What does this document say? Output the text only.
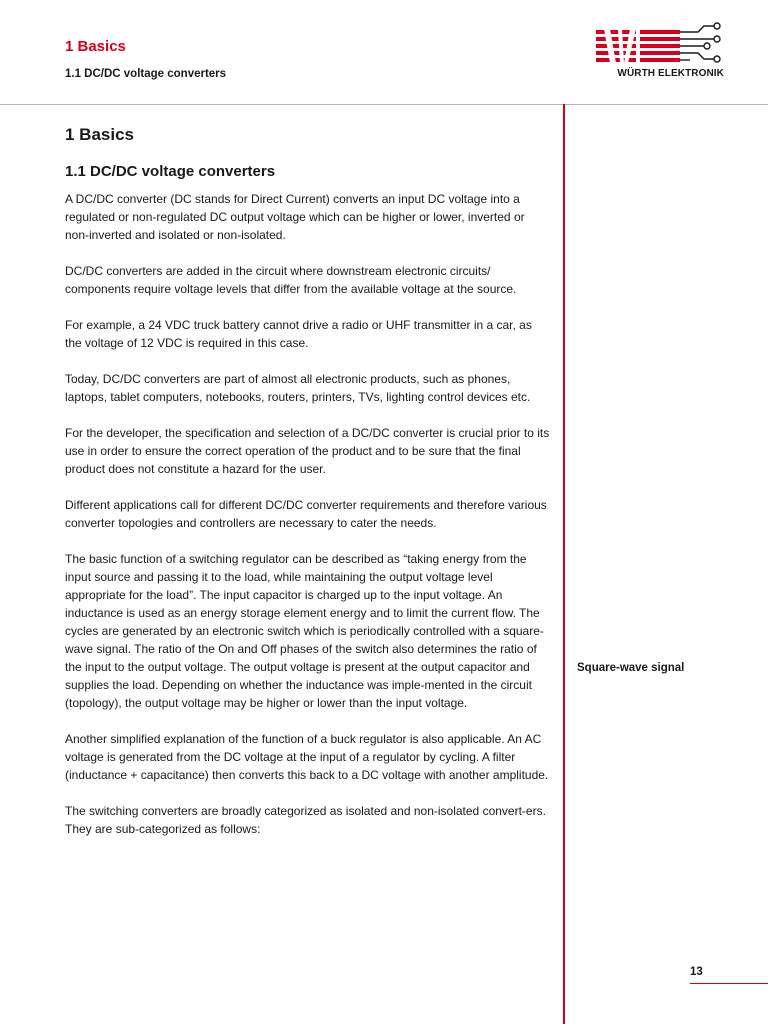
1 Basics
1.1 DC/DC voltage converters	WÜRTH ELEKTRONIK
1 Basics
1.1 DC/DC voltage converters

A DC/DC converter (DC stands for Direct Current) converts an input DC voltage into a regulated or non-regulated DC output voltage which can be higher or lower, inverted or non-inverted and isolated or non-isolated.

DC/DC converters are added in the circuit where downstream electronic circuits/ components require voltage levels that differ from the available voltage at the source.

For example, a 24 VDC truck battery cannot drive a radio or UHF transmitter in a car, as the voltage of 12 VDC is required in this case.

Today, DC/DC converters are part of almost all electronic products, such as phones, laptops, tablet computers, notebooks, routers, printers, TVs, lighting control devices etc.

For the developer, the specification and selection of a DC/DC converter is crucial prior to its use in order to ensure the correct operation of the product and to be sure that the final product does not constitute a hazard for the user.

Different applications call for different DC/DC converter requirements and therefore various converter topologies and controllers are necessary to cater the needs.

The basic function of a switching regulator can be described as “taking energy from the input source and passing it to the load, while maintaining the output voltage level appropriate for the load”. The input capacitor is charged up to the input voltage. An inductance is used as an energy storage element energy and to limit the current flow. The cycles are generated by an electronic switch which is periodically controlled with a square-wave signal. The ratio of the On and Off phases of the switch also determines the ratio of the input to the output voltage. The output voltage is present at the output capacitor and supplies the load. Depending on whether the inductance was imple-mented in the circuit (topology), the output voltage may be higher or lower than the input voltage.

Another simplified explanation of the function of a buck regulator is also applicable. An AC voltage is generated from the DC voltage at the input of a regulator by cycling. A filter (inductance + capacitance) then converts this back to a DC voltage with another amplitude.

The switching converters are broadly categorized as isolated and non-isolated convert-ers. They are sub-categorized as follows:

Square-wave signal
13
